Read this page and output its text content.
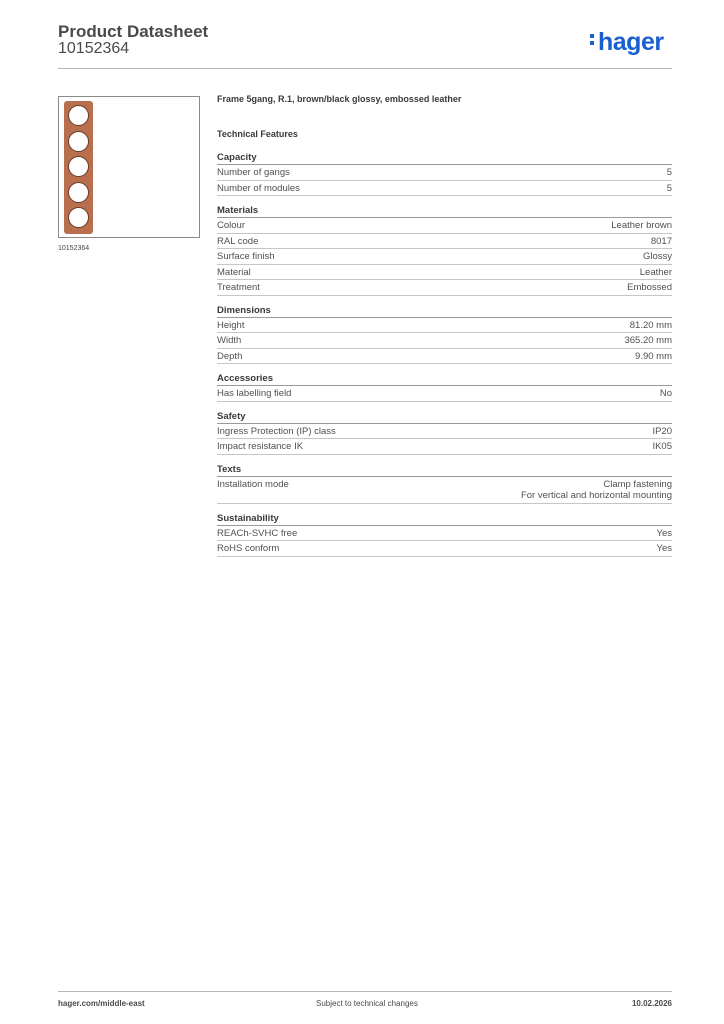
Product Datasheet
10152364	hager
10152364
Frame 5gang, R.1, brown/black glossy, embossed leather
Technical Features
Capacity
Number of gangs	5
Number of modules	5
Materials
Colour	Leather brown
RAL code	8017
Surface finish	Glossy
Material	Leather
Treatment	Embossed
Dimensions
Height	81.20 mm
Width	365.20 mm
Depth	9.90 mm
Accessories
Has labelling field	No
Safety
Ingress Protection (IP) class	IP20
Impact resistance IK	IK05
Texts
Installation mode	Clamp fastening
For vertical and horizontal mounting
Sustainability
REACh-SVHC free	Yes
RoHS conform	Yes
hager.com/middle-east	Subject to technical changes	10.02.2026
